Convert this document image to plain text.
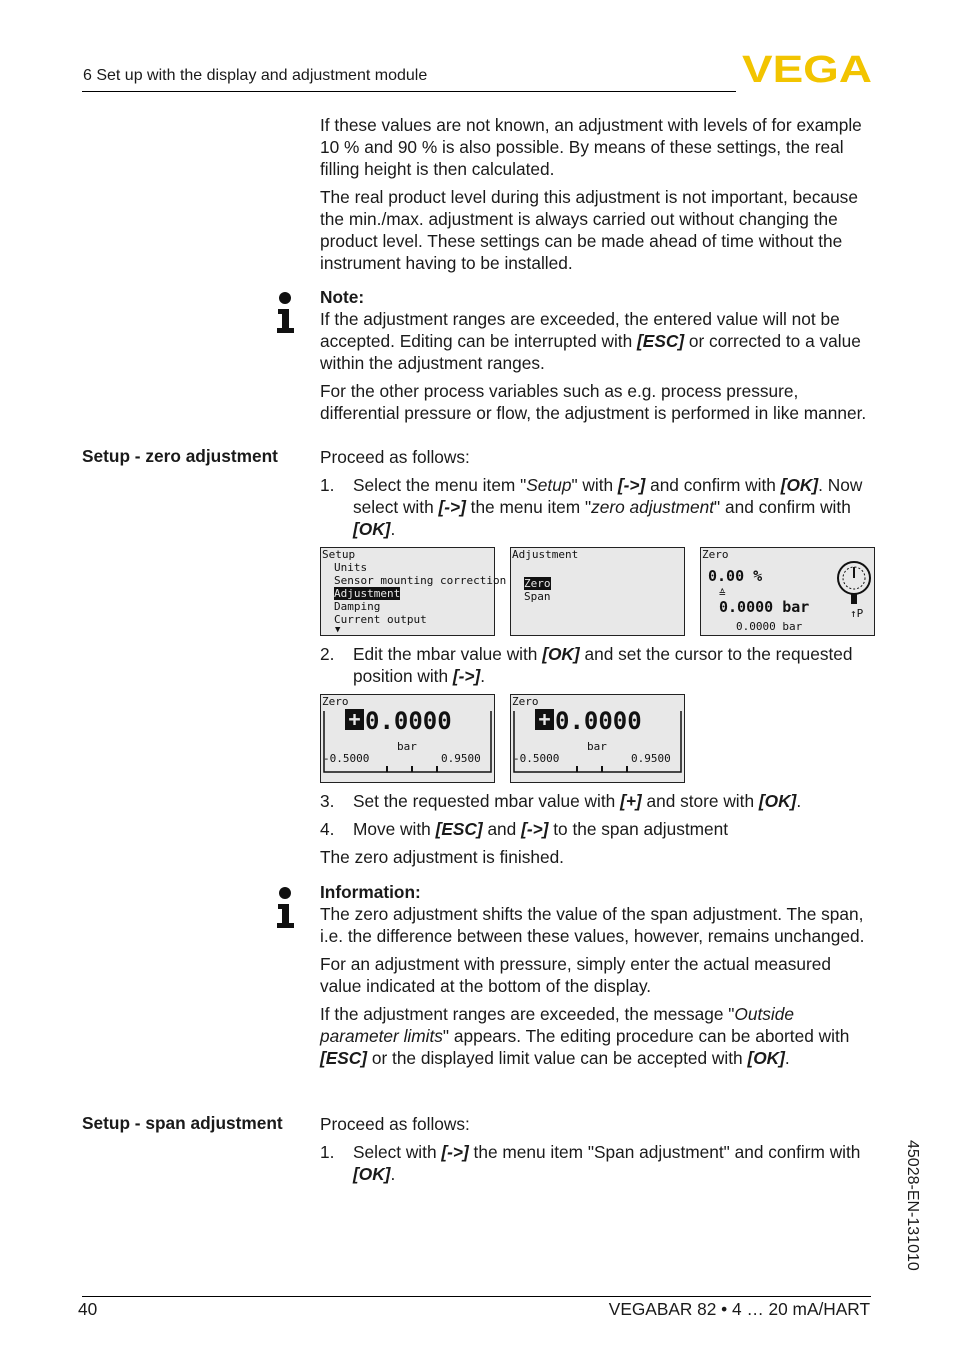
6 Set up with the display and adjustment module	VEGA

If these values are not known, an adjustment with levels of for example 10 % and 90 % is also possible. By means of these settings, the real filling height is then calculated.

The real product level during this adjustment is not important, because the min./max. adjustment is always carried out without changing the product level. These settings can be made ahead of time without the instrument having to be installed.

Note:

If the adjustment ranges are exceeded, the entered value will not be accepted. Editing can be interrupted with [ESC] or corrected to a value within the adjustment ranges.

For the other process variables such as e.g. process pressure, differential pressure or flow, the adjustment is performed in like manner.

Setup - zero adjustment Proceed as follows:
1. Select the menu item "Setup" with [->] and confirm with [OK]. Now select with [->] the menu item "zero adjustment" and confirm with [OK].
Setup
Units
Sensor mounting correction
Adjustment
Damping
Current output
▼
Adjustment
Zero
Span
Zero
0.00 %
≙
0.0000 bar
0.0000 bar
↑P
2. Edit the mbar value with [OK] and set the cursor to the requested position with [->].
Zero
+ 0.0000
bar
-0.5000	0.9500
Zero
+ 0.0000
bar
-0.5000	0.9500
3. Set the requested mbar value with [+] and store with [OK].
4. Move with [ESC] and [->] to the span adjustment
The zero adjustment is finished.

Information:

The zero adjustment shifts the value of the span adjustment. The span, i.e. the difference between these values, however, remains unchanged.

For an adjustment with pressure, simply enter the actual measured value indicated at the bottom of the display.

If the adjustment ranges are exceeded, the message "Outside parameter limits" appears. The editing procedure can be aborted with [ESC] or the displayed limit value can be accepted with [OK].

Setup - span adjustment Proceed as follows:
1. Select with [->] the menu item "Span adjustment" and confirm with [OK].	45028-EN-131010
40	VEGABAR 82 • 4 … 20 mA/HART
